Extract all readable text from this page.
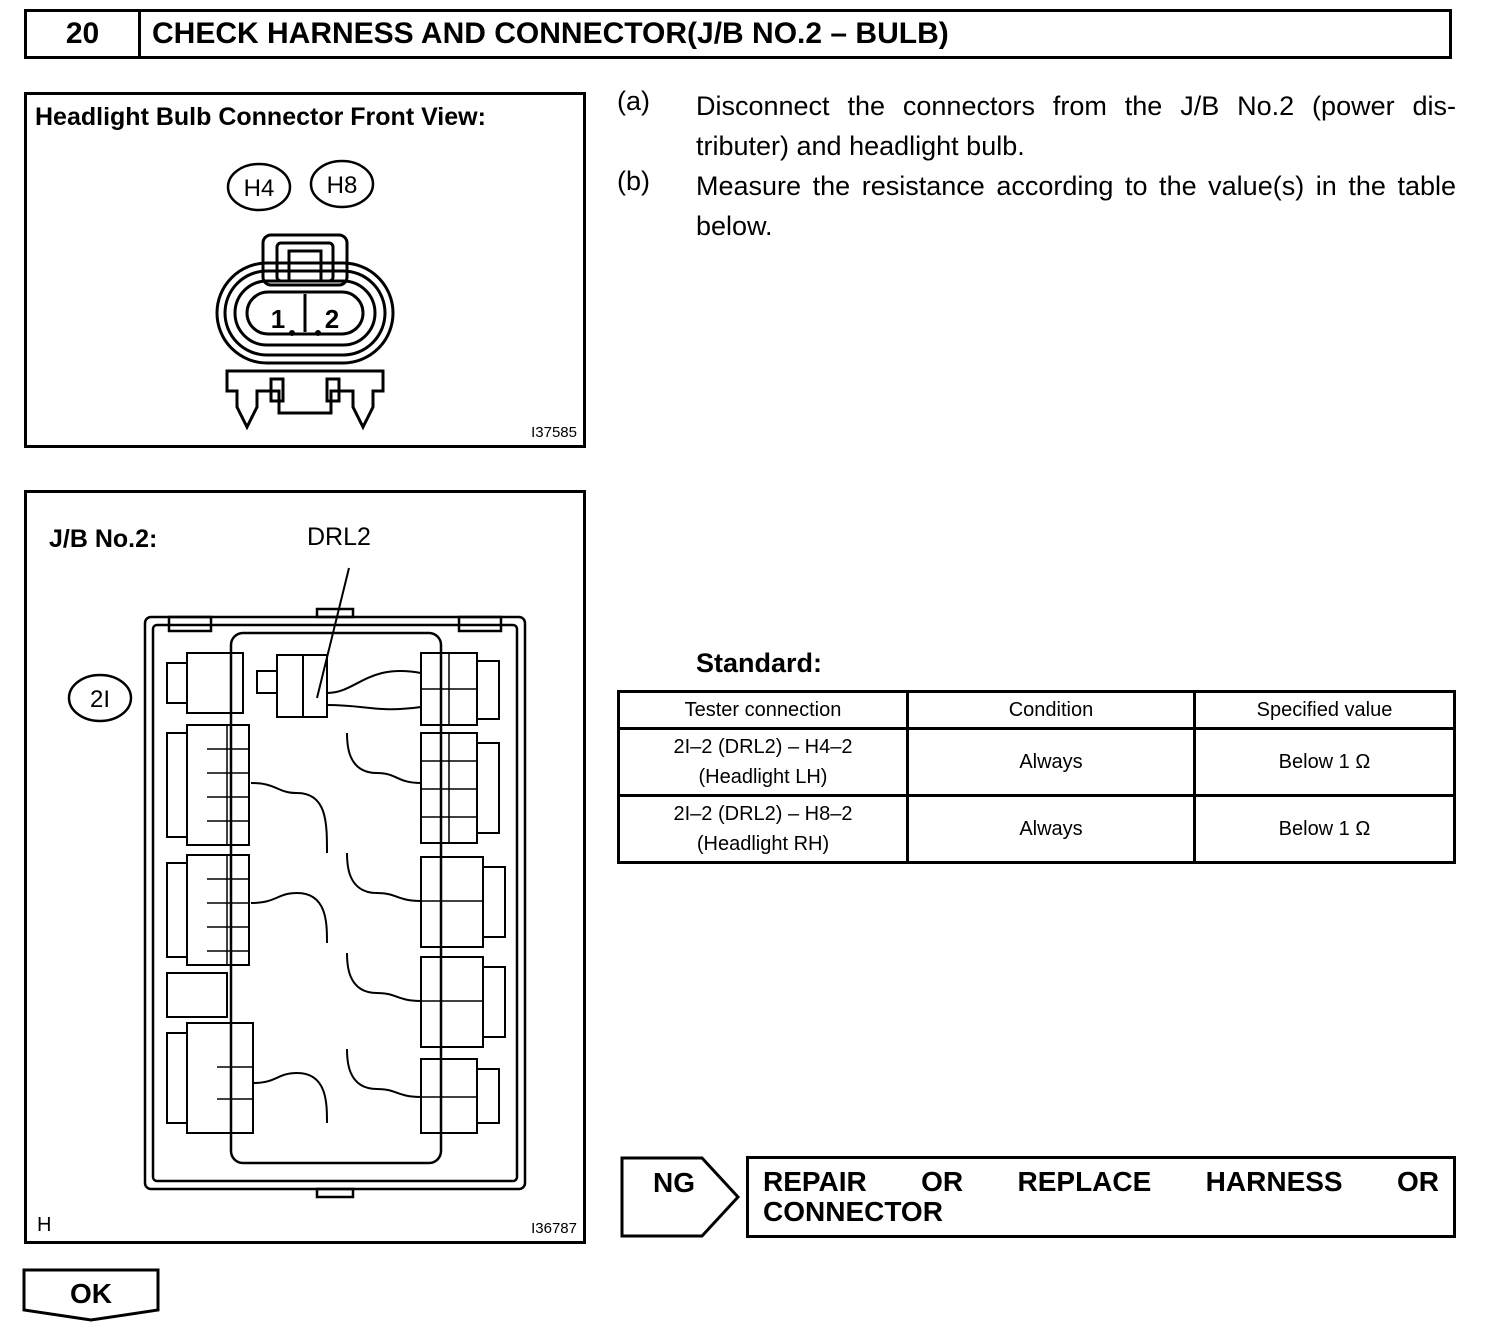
20	CHECK HARNESS AND CONNECTOR(J/B NO.2 – BULB)
Headlight Bulb Connector Front View:
H4 H8
1 2
I37585
J/B No.2:	DRL2
2I
H	I36787
(a) Disconnect the connectors from the J/B No.2 (power dis-tributer) and headlight bulb.
(b) Measure the resistance according to the value(s) in the table below.
Standard:
Tester connection	Condition	Specified value

2I–2 (DRL2) – H4–2
(Headlight LH)	Always	Below 1 Ω

2I–2 (DRL2) – H8–2
(Headlight RH)	Always	Below 1 Ω
NG REPAIR OR REPLACE HARNESS OR CONNECTOR
OK
